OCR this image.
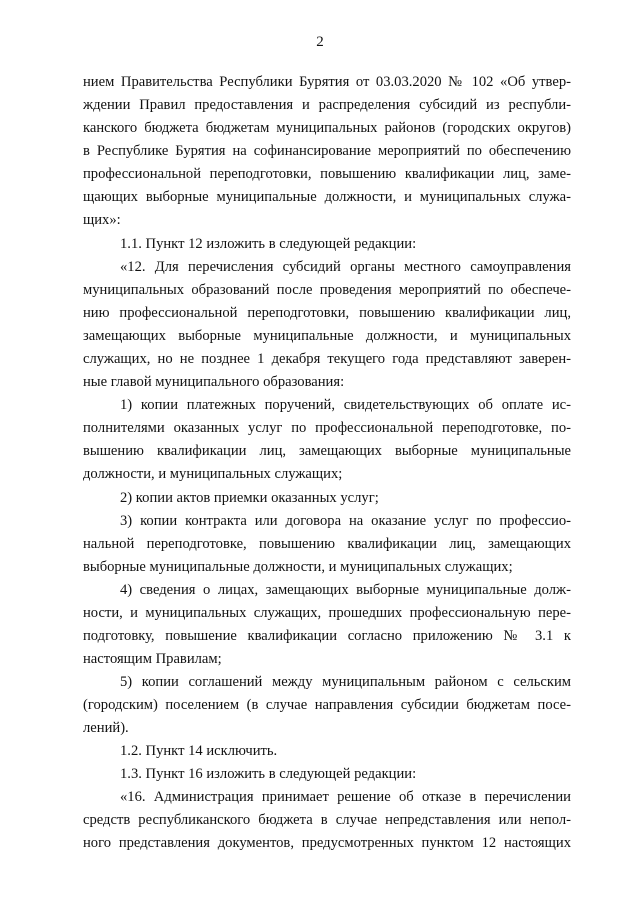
2
нием Правительства Республики Бурятия от 03.03.2020 № 102 «Об утвер-
ждении Правил предоставления и распределения субсидий из республи-
канского бюджета бюджетам муниципальных районов (городских округов)
в Республике Бурятия на софинансирование мероприятий по обеспечению
профессиональной переподготовки, повышению квалификации лиц, заме-
щающих выборные муниципальные должности, и муниципальных служа-
щих»:
1.1. Пункт 12 изложить в следующей редакции:
«12. Для перечисления субсидий органы местного самоуправления
муниципальных образований после проведения мероприятий по обеспече-
нию профессиональной переподготовки, повышению квалификации лиц,
замещающих выборные муниципальные должности, и муниципальных
служащих, но не позднее 1 декабря текущего года представляют заверен-
ные главой муниципального образования:
1) копии платежных поручений, свидетельствующих об оплате ис-
полнителями оказанных услуг по профессиональной переподготовке, по-
вышению квалификации лиц, замещающих выборные муниципальные
должности, и муниципальных служащих;
2) копии актов приемки оказанных услуг;
3) копии контракта или договора на оказание услуг по профессио-
нальной переподготовке, повышению квалификации лиц, замещающих
выборные муниципальные должности, и муниципальных служащих;
4) сведения о лицах, замещающих выборные муниципальные долж-
ности, и муниципальных служащих, прошедших профессиональную пере-
подготовку, повышение квалификации согласно приложению № 3.1 к
настоящим Правилам;
5) копии соглашений между муниципальным районом с сельским
(городским) поселением (в случае направления субсидии бюджетам посе-
лений).
1.2. Пункт 14 исключить.
1.3. Пункт 16 изложить в следующей редакции:
«16. Администрация принимает решение об отказе в перечислении
средств республиканского бюджета в случае непредставления или непол-
ного представления документов, предусмотренных пунктом 12 настоящих
